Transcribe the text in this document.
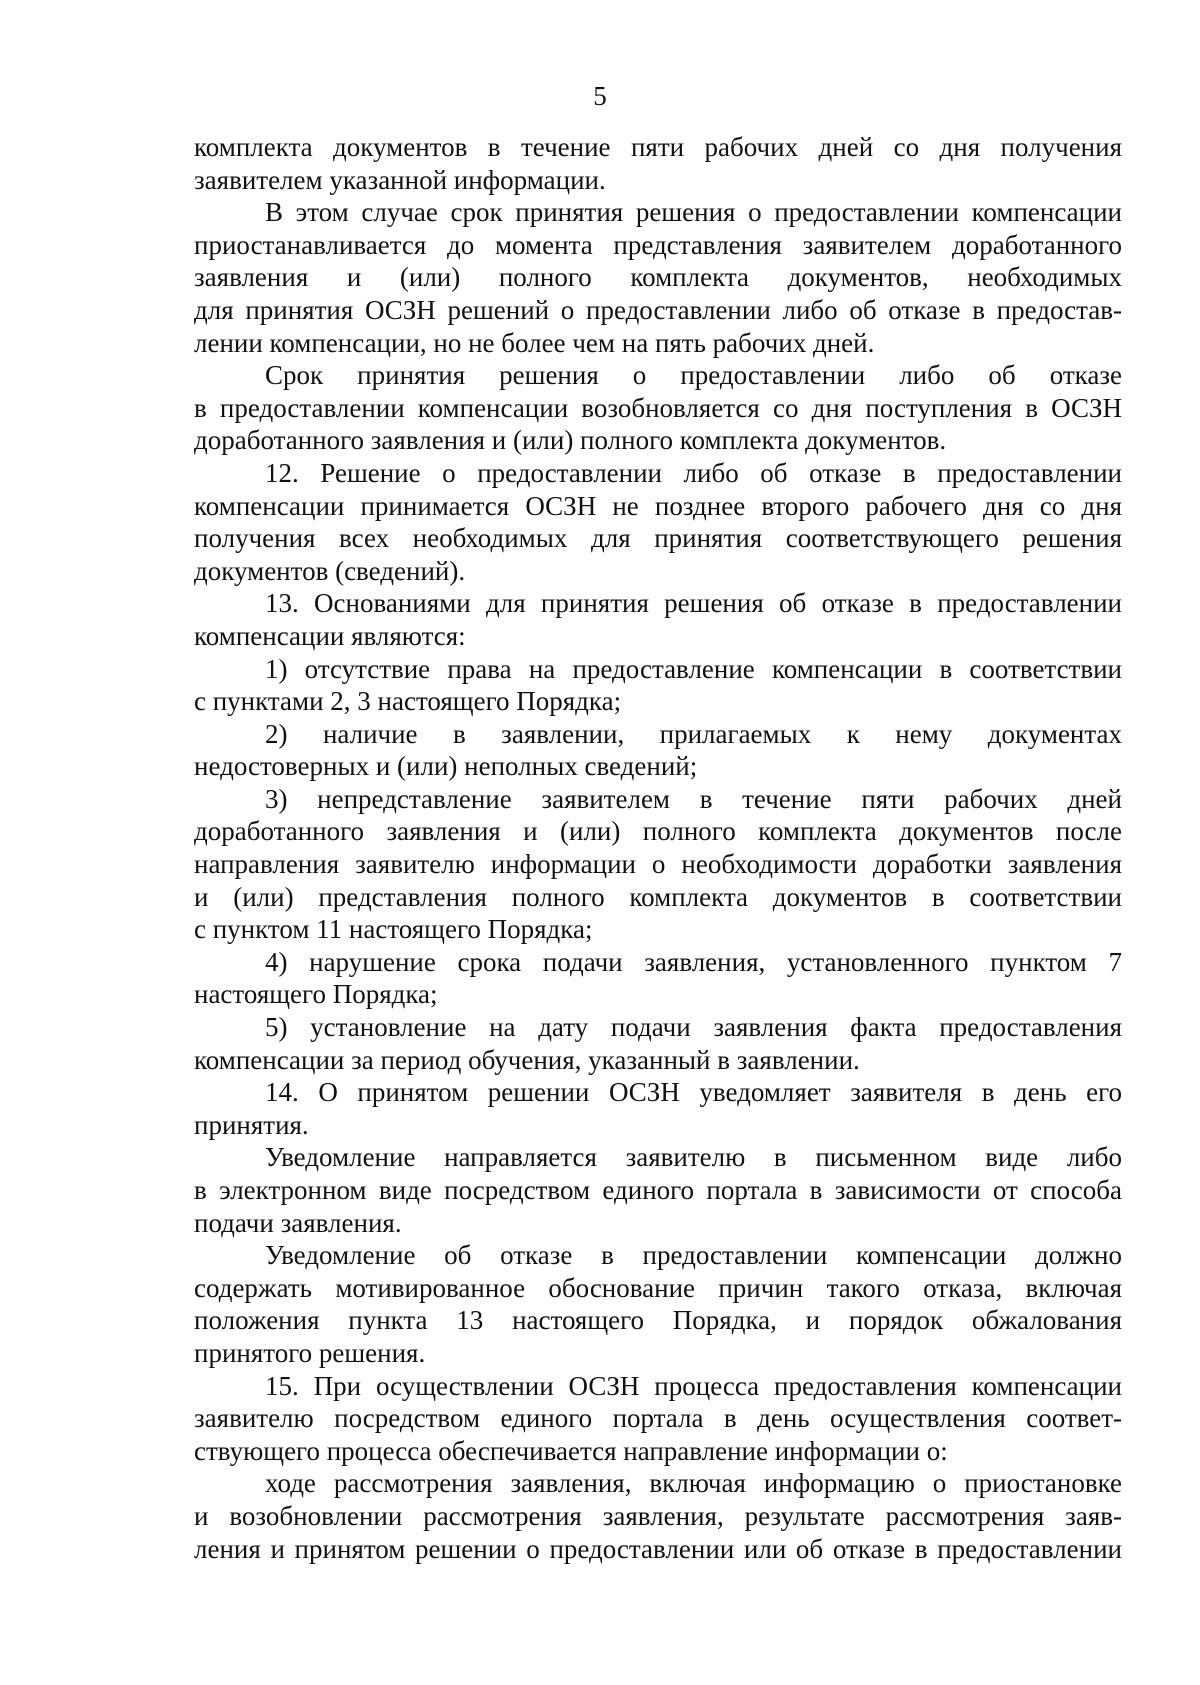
5
комплекта документов в течение пяти рабочих дней со дня получения
заявителем указанной информации.
В этом случае срок принятия решения о предоставлении компенсации
приостанавливается до момента представления заявителем доработанного
заявления и (или) полного комплекта документов, необходимых
для принятия ОСЗН решений о предоставлении либо об отказе в предостав-
лении компенсации, но не более чем на пять рабочих дней.
Срок принятия решения о предоставлении либо об отказе
в предоставлении компенсации возобновляется со дня поступления в ОСЗН
доработанного заявления и (или) полного комплекта документов.
12. Решение о предоставлении либо об отказе в предоставлении
компенсации принимается ОСЗН не позднее второго рабочего дня со дня
получения всех необходимых для принятия соответствующего решения
документов (сведений).
13. Основаниями для принятия решения об отказе в предоставлении
компенсации являются:
1) отсутствие права на предоставление компенсации в соответствии
с пунктами 2, 3 настоящего Порядка;
2) наличие в заявлении, прилагаемых к нему документах
недостоверных и (или) неполных сведений;
3) непредставление заявителем в течение пяти рабочих дней
доработанного заявления и (или) полного комплекта документов после
направления заявителю информации о необходимости доработки заявления
и (или) представления полного комплекта документов в соответствии
с пунктом 11 настоящего Порядка;
4) нарушение срока подачи заявления, установленного пунктом 7
настоящего Порядка;
5) установление на дату подачи заявления факта предоставления
компенсации за период обучения, указанный в заявлении.
14. О принятом решении ОСЗН уведомляет заявителя в день его
принятия.
Уведомление направляется заявителю в письменном виде либо
в электронном виде посредством единого портала в зависимости от способа
подачи заявления.
Уведомление об отказе в предоставлении компенсации должно
содержать мотивированное обоснование причин такого отказа, включая
положения пункта 13 настоящего Порядка, и порядок обжалования
принятого решения.
15. При осуществлении ОСЗН процесса предоставления компенсации
заявителю посредством единого портала в день осуществления соответ-
ствующего процесса обеспечивается направление информации о:
ходе рассмотрения заявления, включая информацию о приостановке
и возобновлении рассмотрения заявления, результате рассмотрения заяв-
ления и принятом решении о предоставлении или об отказе в предоставлении
